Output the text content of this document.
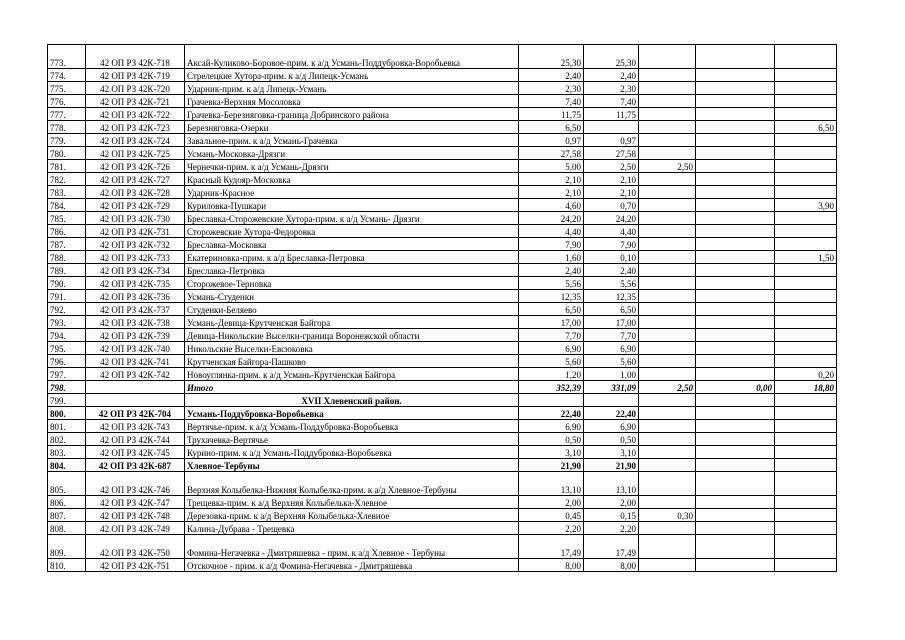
773.	42 ОП РЗ 42К-718	Аксай-Куликово-Боровое-прим. к а/д Усмань-Поддубровка-Воробьевка	25,30	25,30			
774.	42 ОП РЗ 42К-719	Стрелецкие Хутора-прим. к а/д Липецк-Усмань	2,40	2,40			
775.	42 ОП РЗ 42К-720	Ударник-прим. к а/д Липецк-Усмань	2,30	2,30			
776.	42 ОП РЗ 42К-721	Грачевка-Верхняя Мосоловка	7,40	7,40			
777.	42 ОП РЗ 42К-722	Грачевка-Березняговка-граница Добринского района	11,75	11,75			
778.	42 ОП РЗ 42К-723	Березняговка-Озерки	6,50				6,50
779.	42 ОП РЗ 42К-724	Завальное-прим. к а/д Усмань-Грачевка	0,97	0,97			
780.	42 ОП РЗ 42К-725	Усмань-Московка-Дрязги	27,58	27,58			
781.	42 ОП РЗ 42К-726	Чернечки-прим. к а/д Усмань-Дрязги	5,00	2,50	2,50		
782.	42 ОП РЗ 42К-727	Красный Кудояр-Московка	2,10	2,10			
783.	42 ОП РЗ 42К-728	Ударник-Красное	2,10	2,10			
784.	42 ОП РЗ 42К-729	Куриловка-Пушкари	4,60	0,70			3,90
785.	42 ОП РЗ 42К-730	Бреславка-Сторожевские Хутора-прим. к а/д Усмань- Дрязги	24,20	24,20			
786.	42 ОП РЗ 42К-731	Сторожевские Хутора-Федоровка	4,40	4,40			
787.	42 ОП РЗ 42К-732	Бреславка-Московка	7,90	7,90			
788.	42 ОП РЗ 42К-733	Екатериновка-прим. к а/д Бреславка-Петровка	1,60	0,10			1,50
789.	42 ОП РЗ 42К-734	Бреславка-Петровка	2,40	2,40			
790.	42 ОП РЗ 42К-735	Сторожевое-Терновка	5,56	5,56			
791.	42 ОП РЗ 42К-736	Усмань-Студенки	12,35	12,35			
792.	42 ОП РЗ 42К-737	Студенки-Беляево	6,50	6,50			
793.	42 ОП РЗ 42К-738	Усмань-Девица-Крутченская Байгора	17,00	17,00			
794.	42 ОП РЗ 42К-739	Девица-Никольские Выселки-граница Воронежской области	7,70	7,70			
795.	42 ОП РЗ 42К-740	Никольские Выселки-Евсюковка	6,90	6,90			
796.	42 ОП РЗ 42К-741	Крутченская Байгора-Пашково	5,60	5,60			
797.	42 ОП РЗ 42К-742	Новоуглянка-прим. к а/д Усмань-Крутченская Байгора	1,20	1,00			0,20
798.		Итого	352,39	331,09	2,50	0,00	18,80
799.		XVII Хлевенский район.					
800.	42 ОП РЗ 42К-704	Усмань-Поддубровка-Воробьевка	22,40	22,40			
801.	42 ОП РЗ 42К-743	Вертячье-прим. к а/д Усмань-Поддубровка-Воробьевка	6,90	6,90			
802.	42 ОП РЗ 42К-744	Трухачевка-Вертячье	0,50	0,50			
803.	42 ОП РЗ 42К-745	Курино-прим. к а/д Усмань-Поддубровка-Воробьевка	3,10	3,10			
804.	42 ОП РЗ 42К-687	Хлевное-Тербуны	21,90	21,90			
805.	42 ОП РЗ 42К-746	Верхняя Колыбелка-Нижняя Колыбелка-прим. к а/д Хлевное-Тербуны	13,10	13,10			
806.	42 ОП РЗ 42К-747	Трещевка-прим. к а/д Верхняя Колыбелька-Хлевное	2,00	2,00			
807.	42 ОП РЗ 42К-748	Дерезовка-прим. к а/д Верхняя Колыбелька-Хлевное	0,45	0,15	0,30		
808.	42 ОП РЗ 42К-749	Калина-Дубрава - Трещевка	2,20	2,20			
809.	42 ОП РЗ 42К-750	Фомина-Негачевка - Дмитряшевка - прим. к а/д Хлевное - Тербуны	17,49	17,49			
810.	42 ОП РЗ 42К-751	Отскочное - прим. к а/д Фомина-Негачевка - Дмитряшевка	8,00	8,00			
